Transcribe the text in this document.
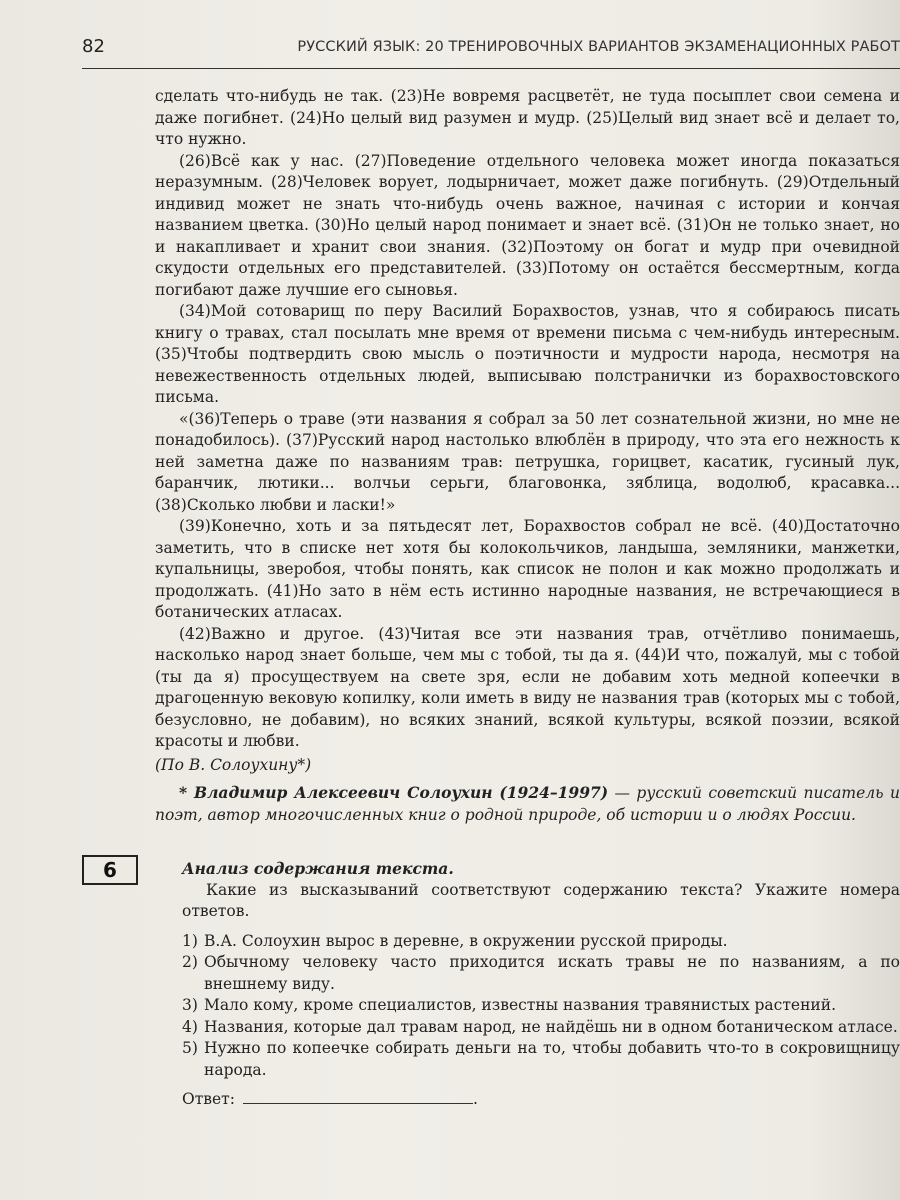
82	РУССКИЙ ЯЗЫК: 20 ТРЕНИРОВОЧНЫХ ВАРИАНТОВ ЭКЗАМЕНАЦИОННЫХ РАБОТ

сделать что-нибудь не так. (23)Не вовремя расцветёт, не туда посыплет свои семена и даже погибнет. (24)Но целый вид разумен и мудр. (25)Целый вид знает всё и делает то, что нужно.

(26)Всё как у нас. (27)Поведение отдельного человека может иногда показаться неразумным. (28)Человек ворует, лодырничает, может даже погибнуть. (29)Отдельный индивид может не знать что-нибудь очень важное, начиная с истории и кончая названием цветка. (30)Но целый народ понимает и знает всё. (31)Он не только знает, но и накапливает и хранит свои знания. (32)Поэтому он богат и мудр при очевидной скудости отдельных его представителей. (33)Потому он остаётся бессмертным, когда погибают даже лучшие его сыновья.

(34)Мой сотоварищ по перу Василий Борахвостов, узнав, что я собираюсь писать книгу о травах, стал посылать мне время от времени письма с чем-нибудь интересным. (35)Чтобы подтвердить свою мысль о поэтичности и мудрости народа, несмотря на невежественность отдельных людей, выписываю полстранички из борахвостовского письма.

«(36)Теперь о траве (эти названия я собрал за 50 лет сознательной жизни, но мне не понадобилось). (37)Русский народ настолько влюблён в природу, что эта его нежность к ней заметна даже по названиям трав: петрушка, горицвет, касатик, гусиный лук, баранчик, лютики... волчьи серьги, благовонка, зяблица, водолюб, красавка... (38)Сколько любви и ласки!»

(39)Конечно, хоть и за пятьдесят лет, Борахвостов собрал не всё. (40)Достаточно заметить, что в списке нет хотя бы колокольчиков, ландыша, земляники, манжетки, купальницы, зверобоя, чтобы понять, как список не полон и как можно продолжать и продолжать. (41)Но зато в нём есть истинно народные названия, не встречающиеся в ботанических атласах.

(42)Важно и другое. (43)Читая все эти названия трав, отчётливо понимаешь, насколько народ знает больше, чем мы с тобой, ты да я. (44)И что, пожалуй, мы с тобой (ты да я) просуществуем на свете зря, если не добавим хоть медной копеечки в драгоценную вековую копилку, коли иметь в виду не названия трав (которых мы с тобой, безусловно, не добавим), но всяких знаний, всякой культуры, всякой поэзии, всякой красоты и любви.

(По В. Солоухину*)

* Владимир Алексеевич Солоухин (1924–1997) — русский советский писатель и поэт, автор многочисленных книг о родной природе, об истории и о людях России.

6	Анализ содержания текста.

Какие из высказываний соответствуют содержанию текста? Укажите номера ответов.

1) В.А. Солоухин вырос в деревне, в окружении русской природы.
2) Обычному человеку часто приходится искать травы не по названиям, а по внешнему виду.
3) Мало кому, кроме специалистов, известны названия травянистых растений.
4) Названия, которые дал травам народ, не найдёшь ни в одном ботаническом атласе.
5) Нужно по копеечке собирать деньги на то, чтобы добавить что-то в сокровищницу народа.
Ответ:	.
